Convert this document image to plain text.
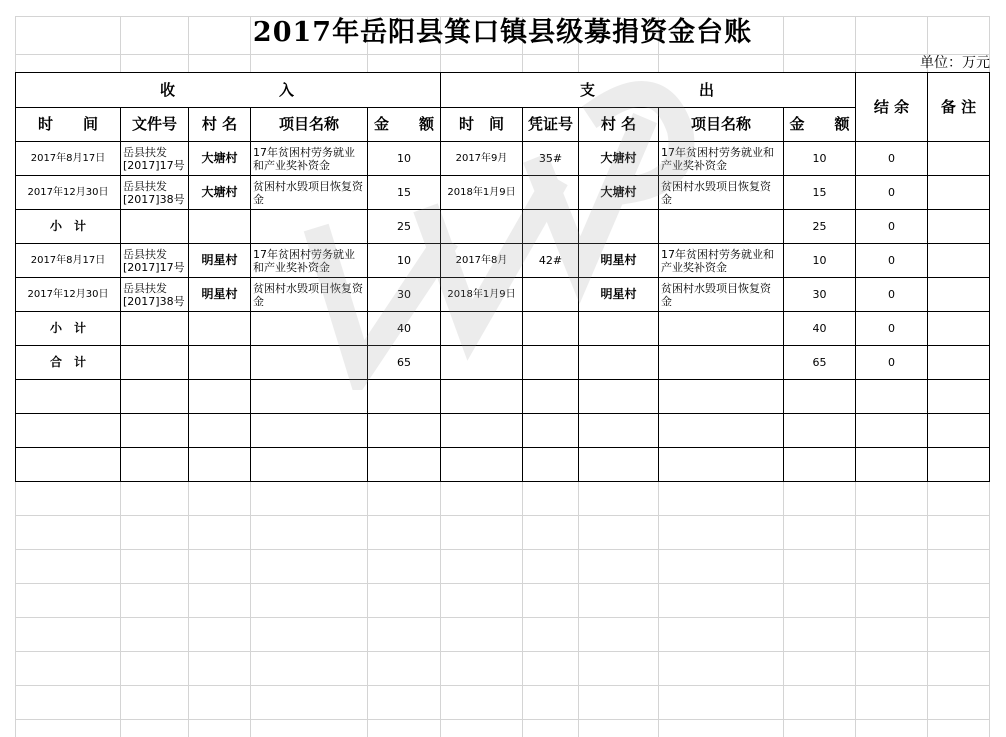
2017年岳阳县箕口镇县级募捐资金台账
单位：万元
收　　　　　　入					支　　　　　　出					结 余	备 注
时　　间	文件号	村 名	项目名称	金　　额	时　间	凭证号	村 名	项目名称	金　　额		
2017年8月17日	岳县扶发[2017]17号	大塘村	17年贫困村劳务就业和产业奖补资金	10	2017年9月	35#	大塘村	17年贫困村劳务就业和产业奖补资金	10	0	
2017年12月30日	岳县扶发[2017]38号	大塘村	贫困村水毁项目恢复资金	15	2018年1月9日		大塘村	贫困村水毁项目恢复资金	15	0	
小　计				25					25	0	
2017年8月17日	岳县扶发[2017]17号	明星村	17年贫困村劳务就业和产业奖补资金	10	2017年8月	42#	明星村	17年贫困村劳务就业和产业奖补资金	10	0	
2017年12月30日	岳县扶发[2017]38号	明星村	贫困村水毁项目恢复资金	30	2018年1月9日		明星村	贫困村水毁项目恢复资金	30	0	
小　计				40					40	0	
合　计				65					65	0	
